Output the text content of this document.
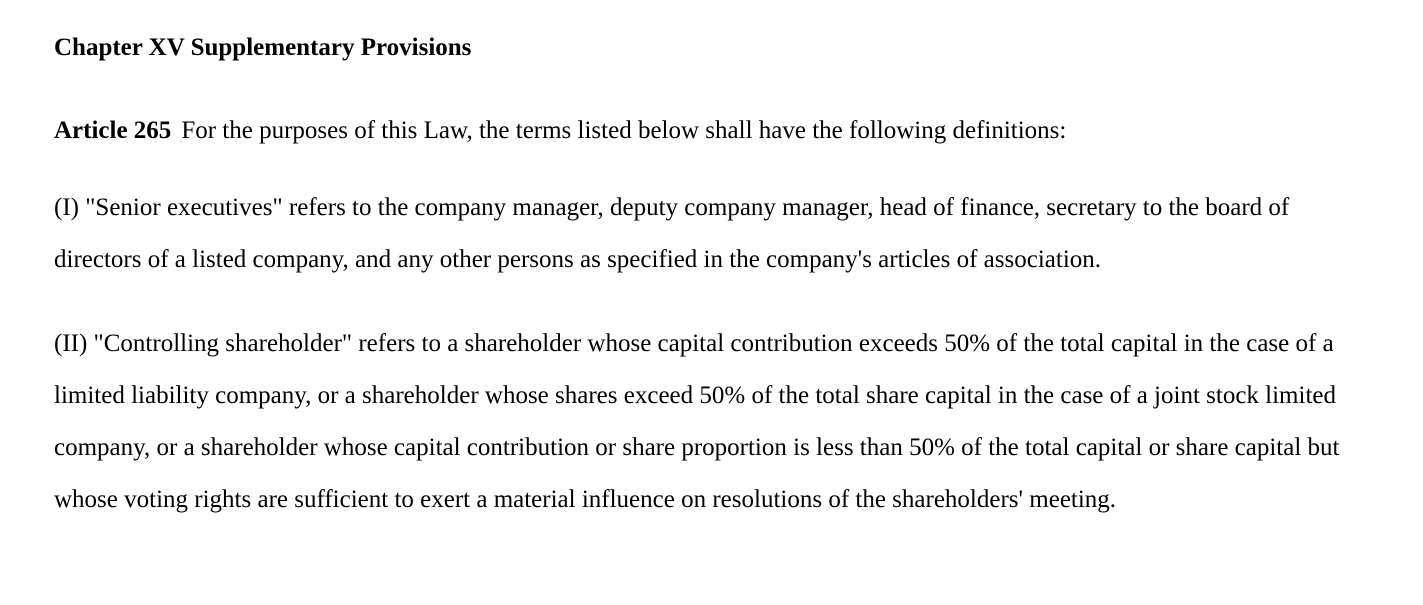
Chapter XV Supplementary Provisions

Article 265 For the purposes of this Law, the terms listed below shall have the following definitions:

(I) "Senior executives" refers to the company manager, deputy company manager, head of finance, secretary to the board of directors of a listed company, and any other persons as specified in the company's articles of association.

(II) "Controlling shareholder" refers to a shareholder whose capital contribution exceeds 50% of the total capital in the case of a limited liability company, or a shareholder whose shares exceed 50% of the total share capital in the case of a joint stock limited company, or a shareholder whose capital contribution or share proportion is less than 50% of the total capital or share capital but whose voting rights are sufficient to exert a material influence on resolutions of the shareholders' meeting.
